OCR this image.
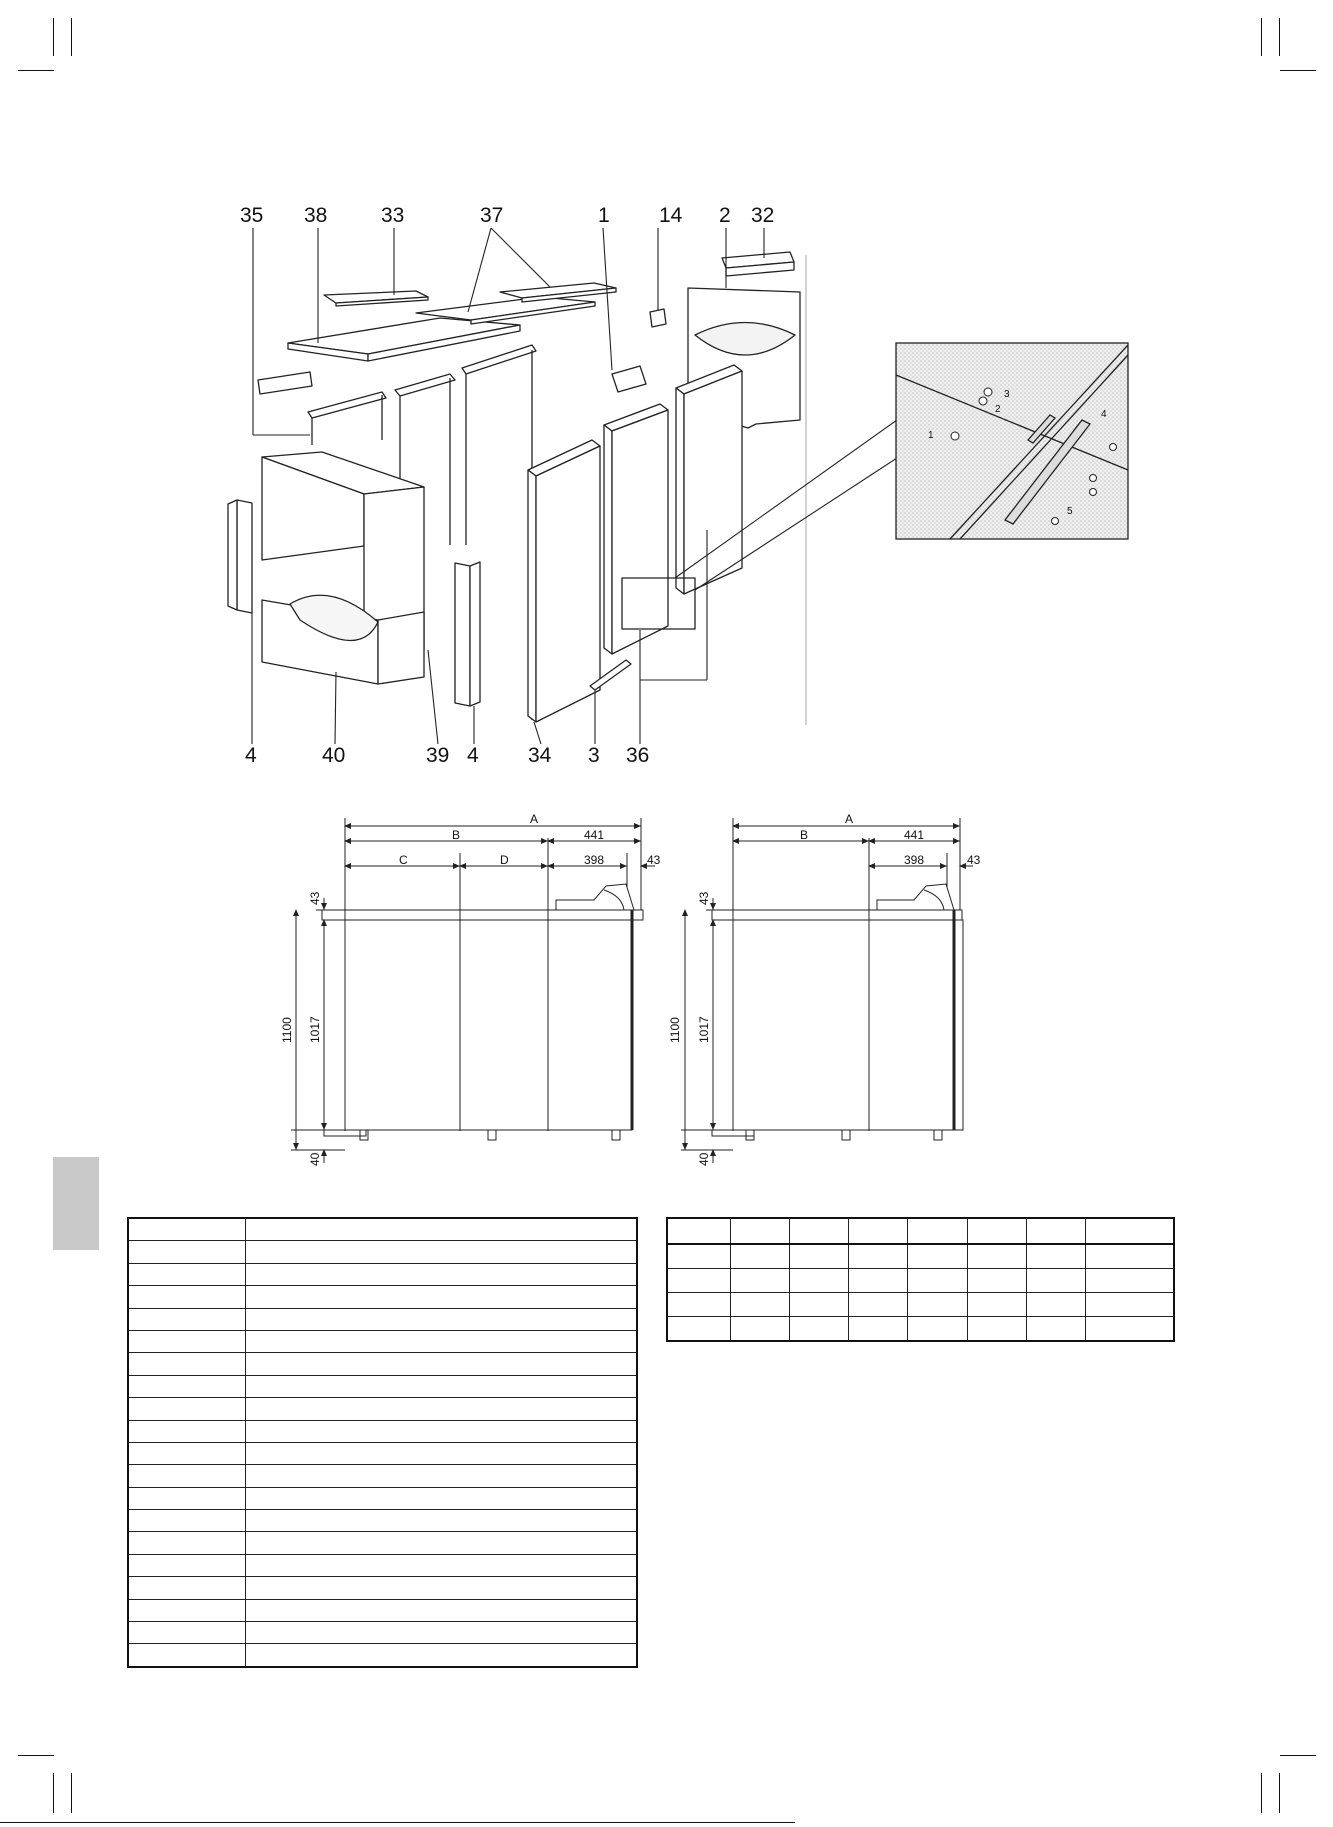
35 38	33	37	1 14 2 32
4	40	39 4 34 3 36
1
2
3
4
5
A
B	441
C	D	398	43
43
1100 1017
40
A
B	441
398	43
43
1100 1017
40
